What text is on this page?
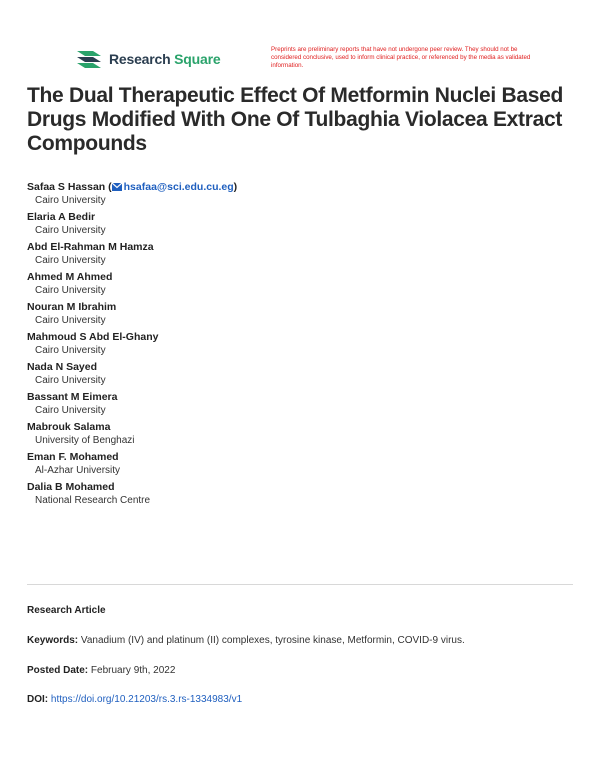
Research Square
Preprints are preliminary reports that have not undergone peer review. They should not be considered conclusive, used to inform clinical practice, or referenced by the media as validated information.
The Dual Therapeutic Effect Of Metformin Nuclei Based Drugs Modified With One Of Tulbaghia Violacea Extract Compounds
Safaa S Hassan ( hsafaa@sci.edu.cu.eg)
Cairo University
Elaria A Bedir
Cairo University
Abd El-Rahman M Hamza
Cairo University
Ahmed M Ahmed
Cairo University
Nouran M Ibrahim
Cairo University
Mahmoud S Abd El-Ghany
Cairo University
Nada N Sayed
Cairo University
Bassant M Eimera
Cairo University
Mabrouk Salama
University of Benghazi
Eman F. Mohamed
Al-Azhar University
Dalia B Mohamed
National Research Centre
Research Article
Keywords: Vanadium (IV) and platinum (II) complexes, tyrosine kinase, Metformin, COVID-9 virus.
Posted Date: February 9th, 2022
DOI: https://doi.org/10.21203/rs.3.rs-1334983/v1
